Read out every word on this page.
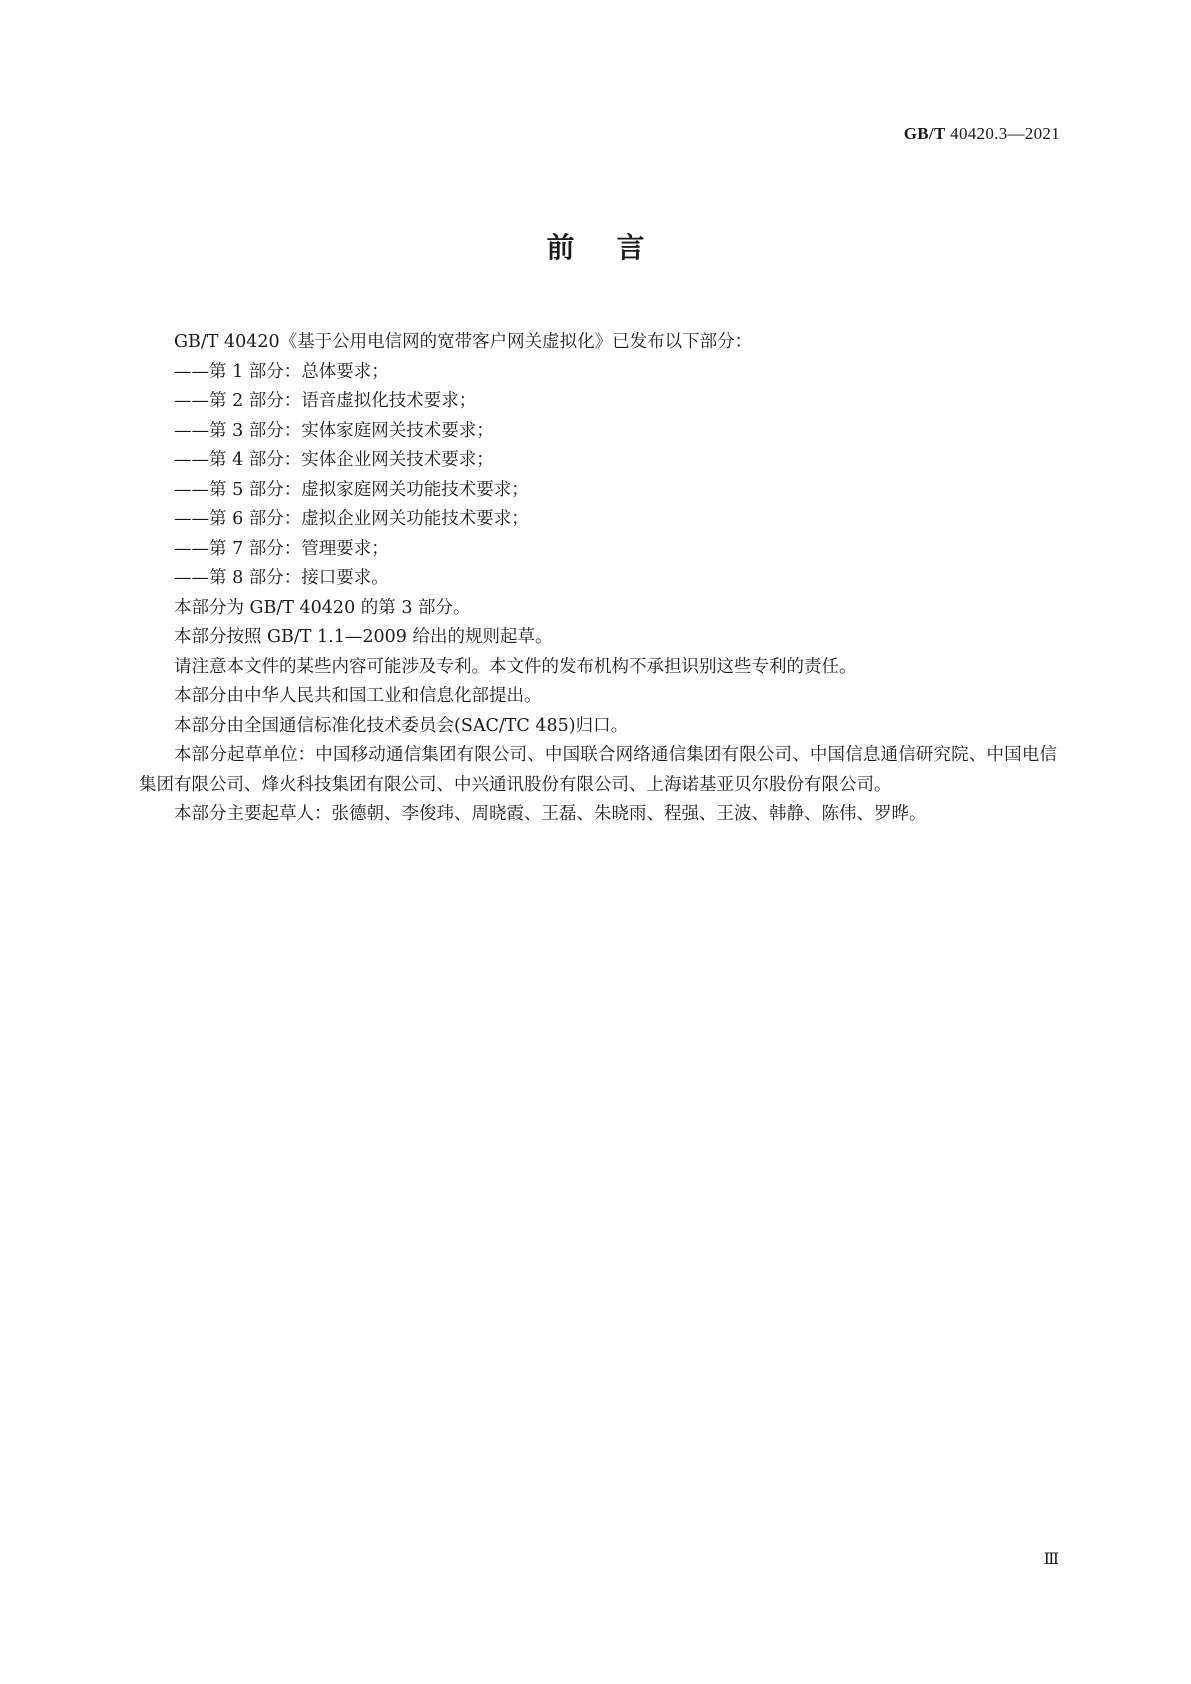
GB/T 40420.3—2021
前言

GB/T 40420《基于公用电信网的宽带客户网关虚拟化》已发布以下部分：

——第 1 部分：总体要求；

——第 2 部分：语音虚拟化技术要求；

——第 3 部分：实体家庭网关技术要求；

——第 4 部分：实体企业网关技术要求；

——第 5 部分：虚拟家庭网关功能技术要求；

——第 6 部分：虚拟企业网关功能技术要求；

——第 7 部分：管理要求；

——第 8 部分：接口要求。

本部分为 GB/T 40420 的第 3 部分。

本部分按照 GB/T 1.1—2009 给出的规则起草。

请注意本文件的某些内容可能涉及专利。本文件的发布机构不承担识别这些专利的责任。

本部分由中华人民共和国工业和信息化部提出。

本部分由全国通信标准化技术委员会(SAC/TC 485)归口。

本部分起草单位：中国移动通信集团有限公司、中国联合网络通信集团有限公司、中国信息通信研究院、中国电信集团有限公司、烽火科技集团有限公司、中兴通讯股份有限公司、上海诺基亚贝尔股份有限公司。

本部分主要起草人：张德朝、李俊玮、周晓霞、王磊、朱晓雨、程强、王波、韩静、陈伟、罗晔。

Ⅲ
